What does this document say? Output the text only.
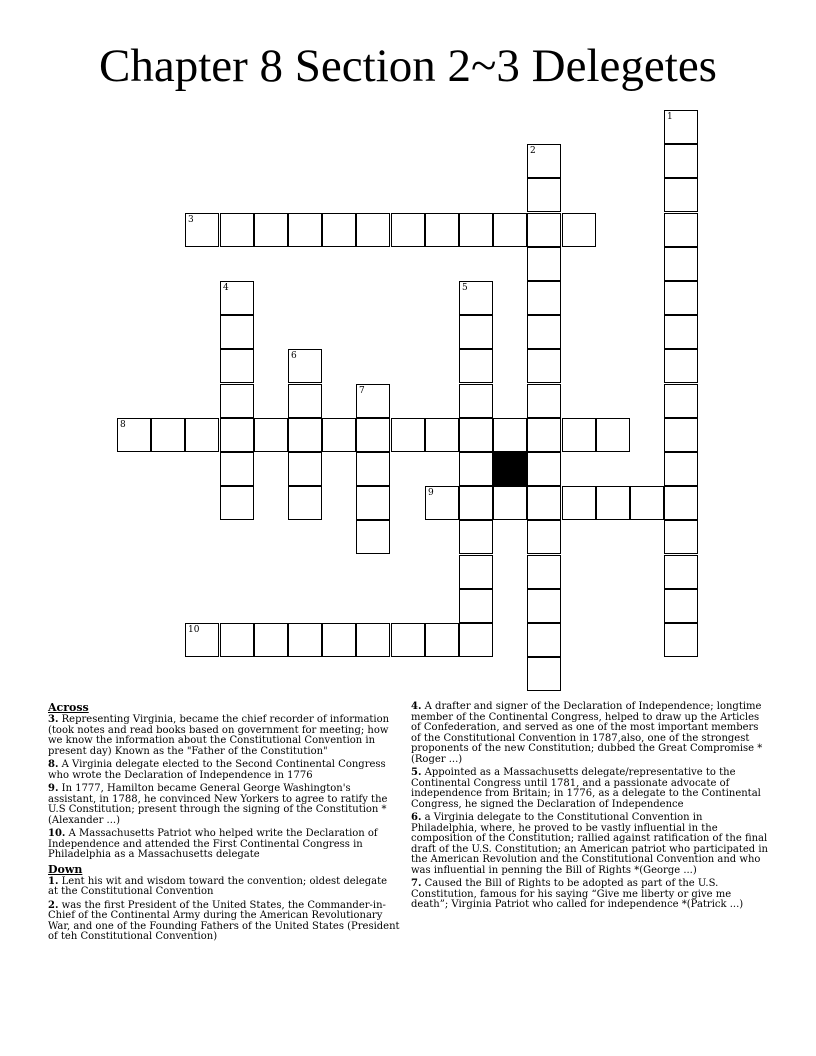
Chapter 8 Section 2~3 Delegetes
1
2
3
4	5
6
7
8
9
10
Across
3. Representing Virginia, became the chief recorder of information (took notes and read books based on government for meeting; how we know the information about the Constitutional Convention in present day) Known as the "Father of the Constitution"
8. A Virginia delegate elected to the Second Continental Congress who wrote the Declaration of Independence in 1776
9. In 1777, Hamilton became General George Washington's assistant, in 1788, he convinced New Yorkers to agree to ratify the U.S Constitution; present through the signing of the Constitution *(Alexander ...)
10. A Massachusetts Patriot who helped write the Declaration of Independence and attended the First Continental Congress in Philadelphia as a Massachusetts delegate
Down
1. Lent his wit and wisdom toward the convention; oldest delegate at the Constitutional Convention
2. was the first President of the United States, the Commander-in-Chief of the Continental Army during the American Revolutionary War, and one of the Founding Fathers of the United States (President of teh Constitutional Convention)
4. A drafter and signer of the Declaration of Independence; longtime member of the Continental Congress, helped to draw up the Articles of Confederation, and served as one of the most important members of the Constitutional Convention in 1787,also, one of the strongest proponents of the new Constitution; dubbed the Great Compromise *(Roger ...)
5. Appointed as a Massachusetts delegate/representative to the Continental Congress until 1781, and a passionate advocate of independence from Britain; in 1776, as a delegate to the Continental Congress, he signed the Declaration of Independence
6. a Virginia delegate to the Constitutional Convention in Philadelphia, where, he proved to be vastly influential in the composition of the Constitution; rallied against ratification of the final draft of the U.S. Constitution; an American patriot who participated in the American Revolution and the Constitutional Convention and who was influential in penning the Bill of Rights *(George ...)
7. Caused the Bill of Rights to be adopted as part of the U.S. Constitution, famous for his saying “Give me liberty or give me death”; Virginia Patriot who called for independence *(Patrick ...)
